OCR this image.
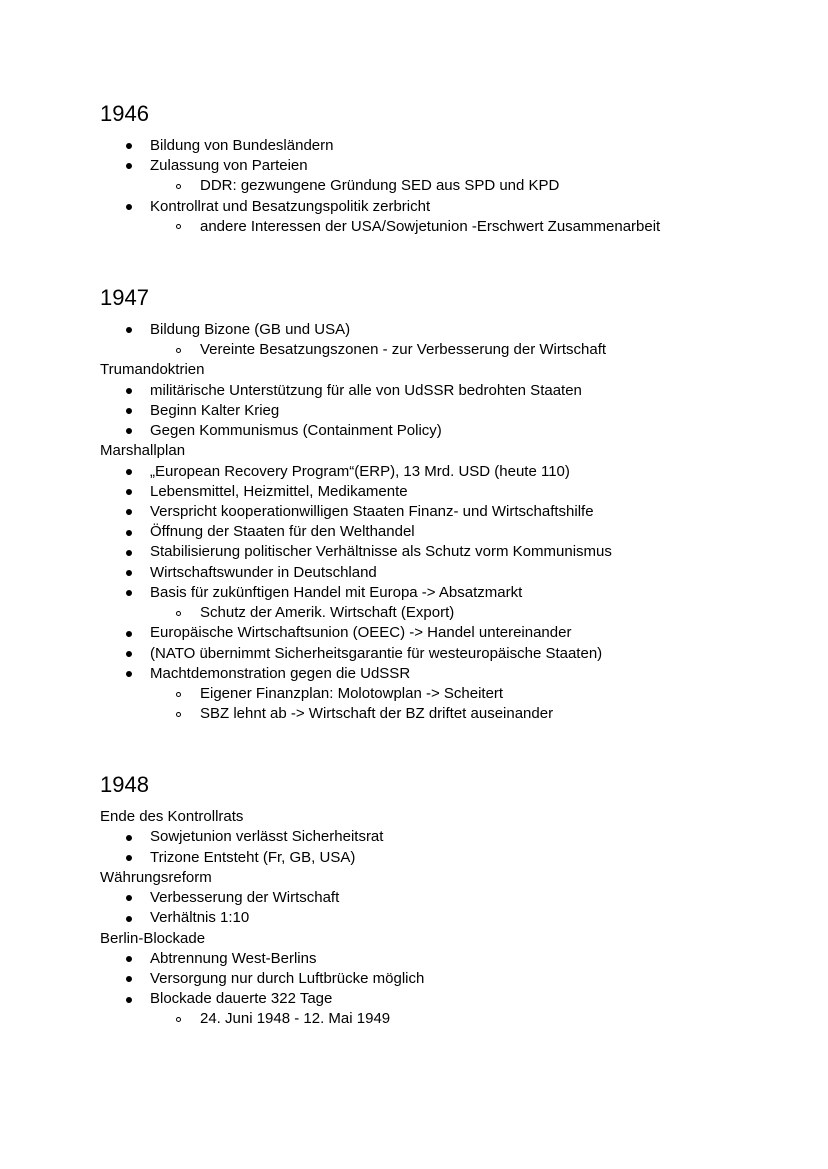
1946
Bildung von Bundesländern
Zulassung von Parteien
DDR: gezwungene Gründung SED aus SPD und KPD
Kontrollrat und Besatzungspolitik zerbricht
andere Interessen der USA/Sowjetunion -Erschwert Zusammenarbeit
1947
Bildung Bizone (GB und USA)
Vereinte Besatzungszonen - zur Verbesserung der Wirtschaft
Trumandoktrien
militärische Unterstützung für alle von UdSSR bedrohten Staaten
Beginn Kalter Krieg
Gegen Kommunismus (Containment Policy)
Marshallplan
„European Recovery Program“(ERP), 13 Mrd. USD (heute 110)
Lebensmittel, Heizmittel, Medikamente
Verspricht kooperationwilligen Staaten Finanz- und Wirtschaftshilfe
Öffnung der Staaten für den Welthandel
Stabilisierung politischer Verhältnisse als Schutz vorm Kommunismus
Wirtschaftswunder in Deutschland
Basis für zukünftigen Handel mit Europa -> Absatzmarkt
Schutz der Amerik. Wirtschaft (Export)
Europäische Wirtschaftsunion (OEEC) -> Handel untereinander
(NATO übernimmt Sicherheitsgarantie für westeuropäische Staaten)
Machtdemonstration gegen die UdSSR
Eigener Finanzplan: Molotowplan -> Scheitert
SBZ lehnt ab -> Wirtschaft der BZ driftet auseinander
1948
Ende des Kontrollrats
Sowjetunion verlässt Sicherheitsrat
Trizone Entsteht (Fr, GB, USA)
Währungsreform
Verbesserung der Wirtschaft
Verhältnis 1:10
Berlin-Blockade
Abtrennung West-Berlins
Versorgung nur durch Luftbrücke möglich
Blockade dauerte 322 Tage
24. Juni 1948 - 12. Mai 1949
